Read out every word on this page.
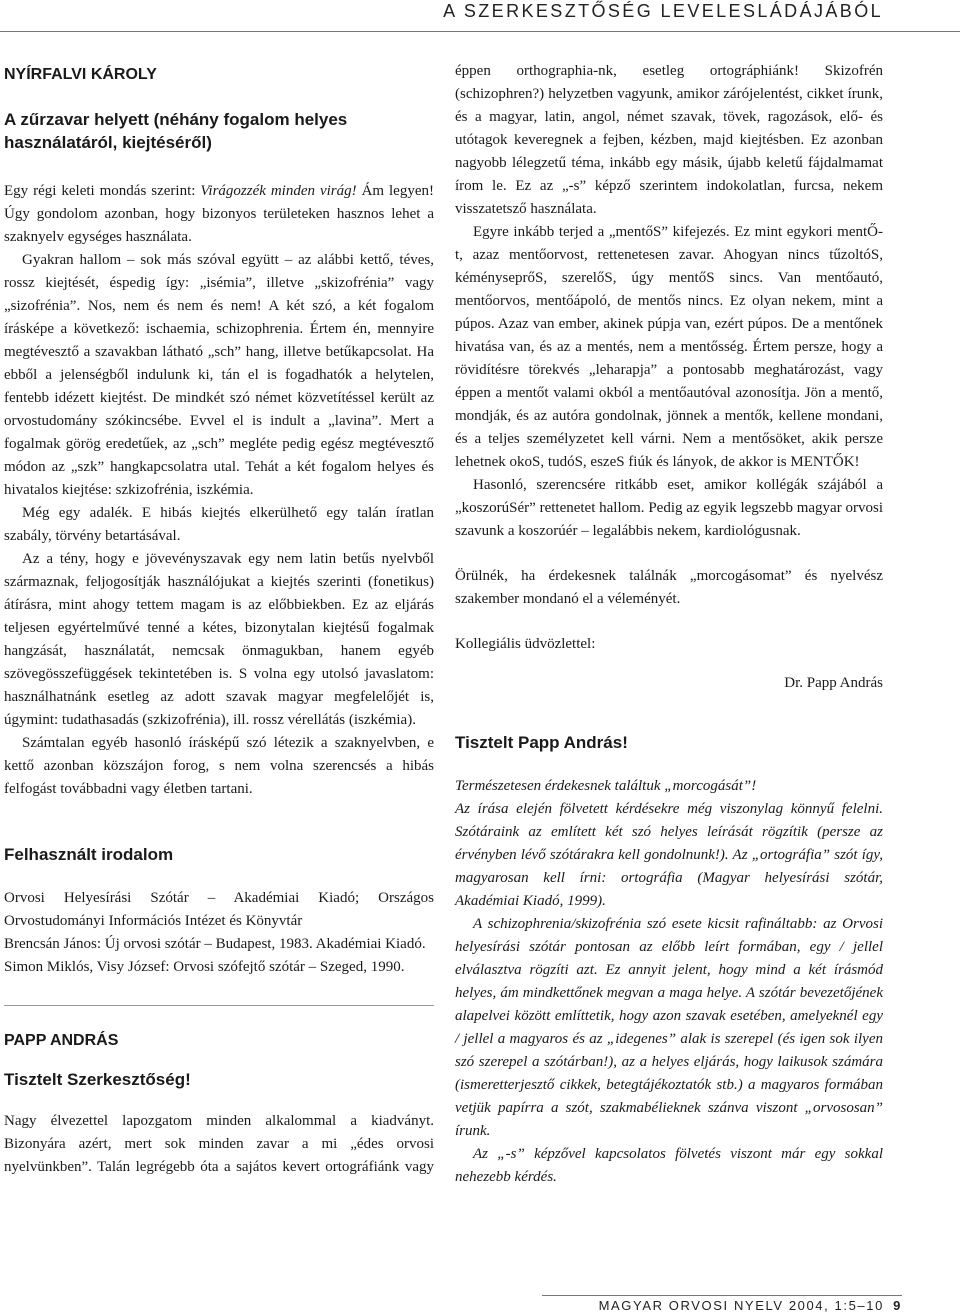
A SZERKESZTŐSÉG LEVELESLÁDÁJÁBÓL
NYÍRFALVI KÁROLY
A zűrzavar helyett (néhány fogalom helyes használatáról, kiejtéséről)

Egy régi keleti mondás szerint: Virágozzék minden virág! Ám legyen! Úgy gondolom azonban, hogy bizonyos területeken hasznos lehet a szaknyelv egységes használata.

Gyakran hallom – sok más szóval együtt – az alábbi kettő, téves, rossz kiejtését, éspedig így: „isémia”, illetve „skizofrénia” vagy „sizofrénia”. Nos, nem és nem és nem! A két szó, a két fogalom írásképe a következő: ischaemia, schizophrenia. Értem én, mennyire megtévesztő a szavakban látható „sch” hang, illetve betűkapcsolat. Ha ebből a jelenségből indulunk ki, tán el is fogadhatók a helytelen, fentebb idézett kiejtést. De mindkét szó német közvetítéssel került az orvostudomány szókincsébe. Evvel el is indult a „lavina”. Mert a fogalmak görög eredetűek, az „sch” megléte pedig egész megtévesztő módon az „szk” hangkapcsolatra utal. Tehát a két fogalom helyes és hivatalos kiejtése: szkizofrénia, iszkémia.

Még egy adalék. E hibás kiejtés elkerülhető egy talán íratlan szabály, törvény betartásával.

Az a tény, hogy e jövevényszavak egy nem latin betűs nyelvből származnak, feljogosítják használójukat a kiejtés szerinti (fonetikus) átírásra, mint ahogy tettem magam is az előbbiekben. Ez az eljárás teljesen egyértelművé tenné a kétes, bizonytalan kiejtésű fogalmak hangzását, használatát, nemcsak önmagukban, hanem egyéb szövegösszefüggések tekintetében is. S volna egy utolsó javaslatom: használhatnánk esetleg az adott szavak magyar megfelelőjét is, úgymint: tudathasadás (szkizofrénia), ill. rossz vérellátás (iszkémia).

Számtalan egyéb hasonló írásképű szó létezik a szaknyelvben, e kettő azonban közszájon forog, s nem volna szerencsés a hibás felfogást továbbadni vagy életben tartani.

Felhasznált irodalom

Orvosi Helyesírási Szótár – Akadémiai Kiadó; Országos Orvostudományi Információs Intézet és Könyvtár

Brencsán János: Új orvosi szótár – Budapest, 1983. Akadémiai Kiadó.

Simon Miklós, Visy József: Orvosi szófejtő szótár – Szeged, 1990.

PAPP ANDRÁS
Tisztelt Szerkesztőség!

Nagy élvezettel lapozgatom minden alkalommal a kiadványt. Bizonyára azért, mert sok minden zavar a mi „édes orvosi nyelvünkben”. Talán legrégebb óta a sajátos kevert ortográfiánk vagy

éppen orthographia-nk, esetleg ortográphiánk! Skizofrén (schizophren?) helyzetben vagyunk, amikor zárójelentést, cikket írunk, és a magyar, latin, angol, német szavak, tövek, ragozások, elő- és utótagok keveregnek a fejben, kézben, majd kiejtésben. Ez azonban nagyobb lélegzetű téma, inkább egy másik, újabb keletű fájdalmamat írom le. Ez az „-s” képző szerintem indokolatlan, furcsa, nekem visszatetsző használata.

Egyre inkább terjed a „mentőS” kifejezés. Ez mint egykori mentŐ-t, azaz mentőorvost, rettenetesen zavar. Ahogyan nincs tűzoltóS, kéményseprőS, szerelőS, úgy mentőS sincs. Van mentőautó, mentőorvos, mentőápoló, de mentős nincs. Ez olyan nekem, mint a púpos. Azaz van ember, akinek púpja van, ezért púpos. De a mentőnek hivatása van, és az a mentés, nem a mentősség. Értem persze, hogy a rövidítésre törekvés „leharapja” a pontosabb meghatározást, vagy éppen a mentőt valami okból a mentőautóval azonosítja. Jön a mentő, mondják, és az autóra gondolnak, jönnek a mentők, kellene mondani, és a teljes személyzetet kell várni. Nem a mentősöket, akik persze lehetnek okoS, tudóS, eszeS fiúk és lányok, de akkor is MENTŐK!

Hasonló, szerencsére ritkább eset, amikor kollégák szájából a „koszorúSér” rettenetet hallom. Pedig az egyik legszebb magyar orvosi szavunk a koszorúér – legalábbis nekem, kardiológusnak.

Örülnék, ha érdekesnek találnák „morcogásomat” és nyelvész szakember mondanó el a véleményét.

Kollegiális üdvözlettel:

Dr. Papp András

Tisztelt Papp András!

Természetesen érdekesnek találtuk „morcogását”!

Az írása elején fölvetett kérdésekre még viszonylag könnyű felelni. Szótáraink az említett két szó helyes leírását rögzítik (persze az érvényben lévő szótárakra kell gondolnunk!). Az „ortográfia” szót így, magyarosan kell írni: ortográfia (Magyar helyesírási szótár, Akadémiai Kiadó, 1999).

A schizophrenia/skizofrénia szó esete kicsit rafináltabb: az Orvosi helyesírási szótár pontosan az előbb leírt formában, egy / jellel elválasztva rögzíti azt. Ez annyit jelent, hogy mind a két írásmód helyes, ám mindkettőnek megvan a maga helye. A szótár bevezetőjének alapelvei között említtetik, hogy azon szavak esetében, amelyeknél egy / jellel a magyaros és az „idegenes” alak is szerepel (és igen sok ilyen szó szerepel a szótárban!), az a helyes eljárás, hogy laikusok számára (ismeretterjesztő cikkek, betegtájékoztatók stb.) a magyaros formában vetjük papírra a szót, szakmabélieknek szánva viszont „orvososan” írunk.

Az „-s” képzővel kapcsolatos fölvetés viszont már egy sokkal nehezebb kérdés.

MAGYAR ORVOSI NYELV 2004, 1:5–10 9
